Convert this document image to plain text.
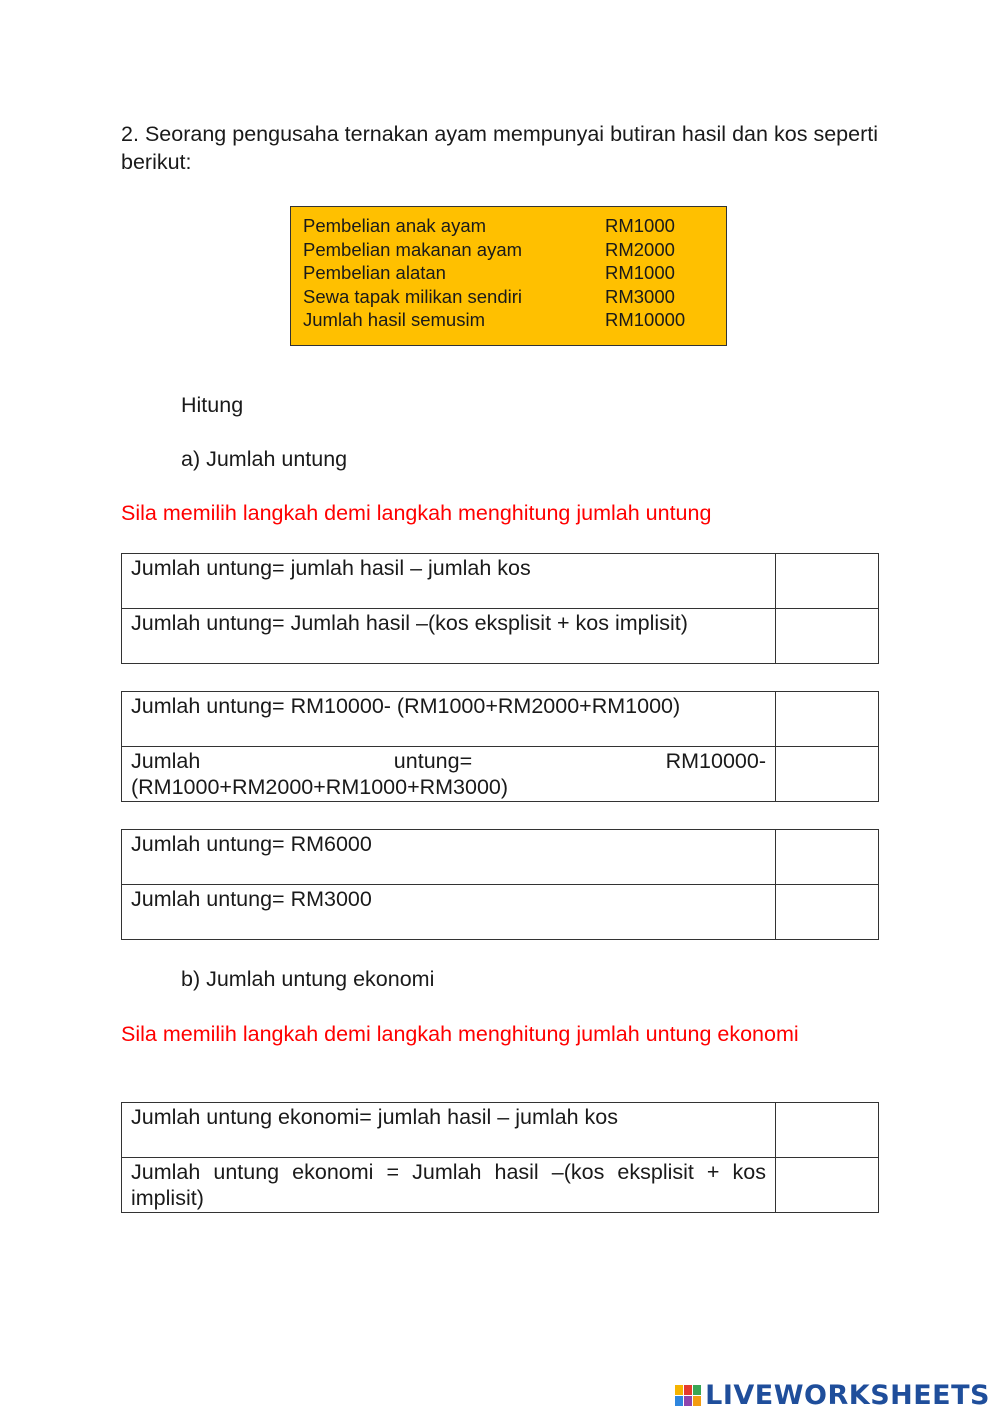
2. Seorang pengusaha ternakan ayam mempunyai butiran hasil dan kos seperti berikut:
Pembelian anak ayam	RM1000
Pembelian makanan ayam	RM2000
Pembelian alatan	RM1000
Sewa tapak milikan sendiri	RM3000
Jumlah hasil semusim	RM10000
Hitung
a) Jumlah untung
Sila memilih langkah demi langkah menghitung jumlah untung
Jumlah untung= jumlah hasil – jumlah kos	
Jumlah untung= Jumlah hasil –(kos eksplisit + kos implisit)	
Jumlah untung= RM10000- (RM1000+RM2000+RM1000)	
Jumlah untung= RM10000-(RM1000+RM2000+RM1000+RM3000)	
Jumlah untung= RM6000	
Jumlah untung= RM3000	
b) Jumlah untung ekonomi
Sila memilih langkah demi langkah menghitung jumlah untung ekonomi
Jumlah untung ekonomi= jumlah hasil – jumlah kos	
Jumlah untung ekonomi = Jumlah hasil –(kos eksplisit + kos implisit)	
LIVEWORKSHEETS
